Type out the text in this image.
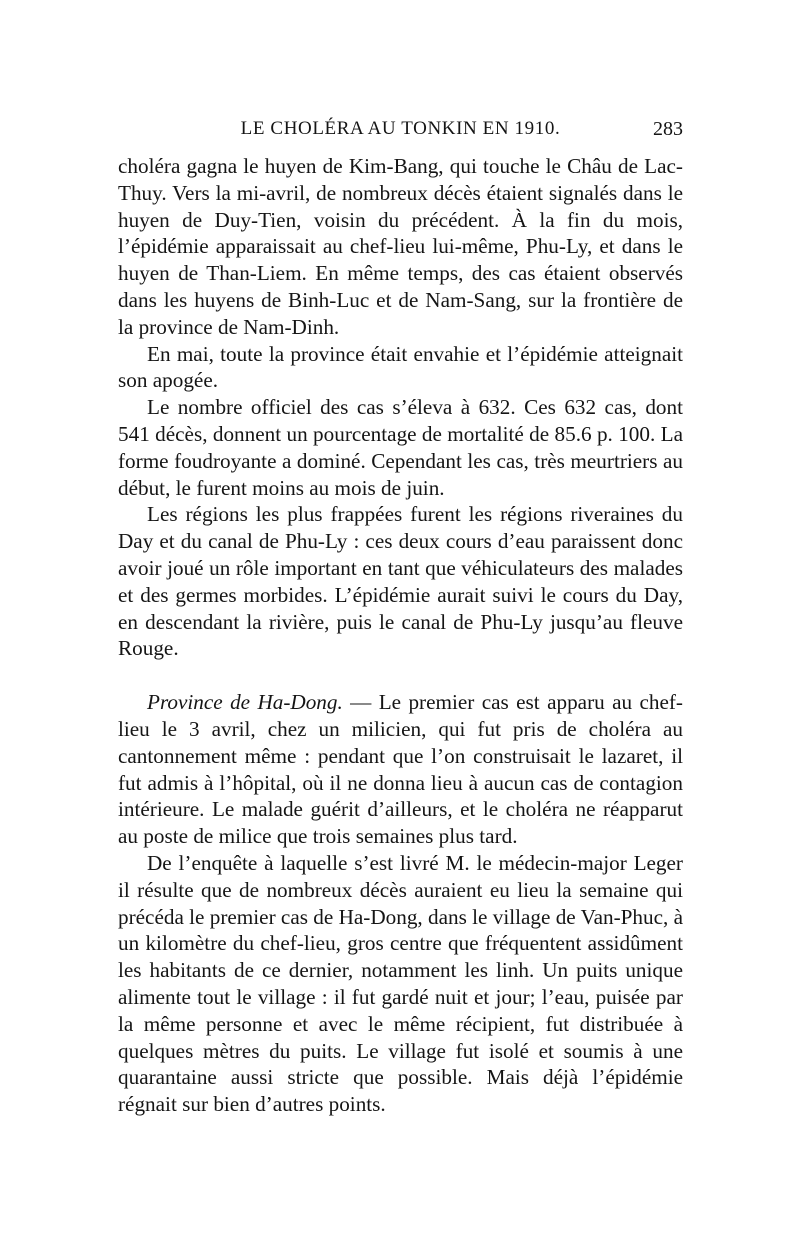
LE CHOLÉRA AU TONKIN EN 1910.	283

choléra gagna le huyen de Kim-Bang, qui touche le Châu de Lac-Thuy. Vers la mi-avril, de nombreux décès étaient signalés dans le huyen de Duy-Tien, voisin du précédent. À la fin du mois, l’épidémie apparaissait au chef-lieu lui-même, Phu-Ly, et dans le huyen de Than-Liem. En même temps, des cas étaient observés dans les huyens de Binh-Luc et de Nam-Sang, sur la frontière de la province de Nam-Dinh.

En mai, toute la province était envahie et l’épidémie atteignait son apogée.

Le nombre officiel des cas s’éleva à 632. Ces 632 cas, dont 541 décès, donnent un pourcentage de mortalité de 85.6 p. 100. La forme foudroyante a dominé. Cependant les cas, très meurtriers au début, le furent moins au mois de juin.

Les régions les plus frappées furent les régions riveraines du Day et du canal de Phu-Ly : ces deux cours d’eau paraissent donc avoir joué un rôle important en tant que véhiculateurs des malades et des germes morbides. L’épidémie aurait suivi le cours du Day, en descendant la rivière, puis le canal de Phu-Ly jusqu’au fleuve Rouge.

Province de Ha-Dong. — Le premier cas est apparu au chef-lieu le 3 avril, chez un milicien, qui fut pris de choléra au cantonnement même : pendant que l’on construisait le lazaret, il fut admis à l’hôpital, où il ne donna lieu à aucun cas de contagion intérieure. Le malade guérit d’ailleurs, et le choléra ne réapparut au poste de milice que trois semaines plus tard.

De l’enquête à laquelle s’est livré M. le médecin-major Leger il résulte que de nombreux décès auraient eu lieu la semaine qui précéda le premier cas de Ha-Dong, dans le village de Van-Phuc, à un kilomètre du chef-lieu, gros centre que fréquentent assidûment les habitants de ce dernier, notamment les linh. Un puits unique alimente tout le village : il fut gardé nuit et jour; l’eau, puisée par la même personne et avec le même récipient, fut distribuée à quelques mètres du puits. Le village fut isolé et soumis à une quarantaine aussi stricte que possible. Mais déjà l’épidémie régnait sur bien d’autres points.
